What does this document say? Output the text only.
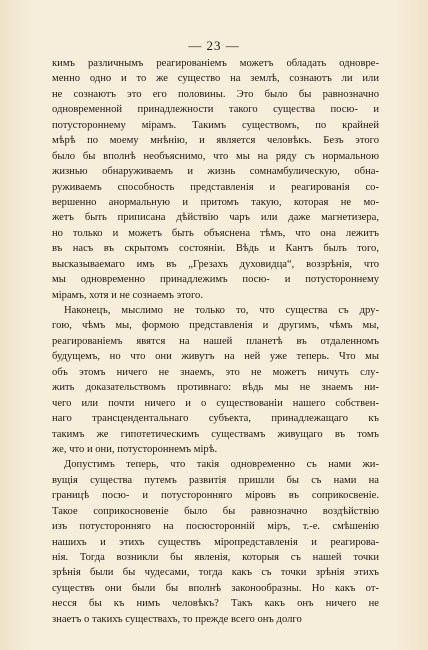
— 23 —
кимъ различнымъ реагированіемъ можетъ обладать одновре-
менно одно и то же существо на землѣ, сознаютъ ли или
не сознаютъ это его половины. Это было бы равнозначно
одновременной принадлежности такого существа посю- и
потустороннему мірамъ. Такимъ существомъ, по крайней
мѣрѣ по моему мнѣнію, и является человѣкъ. Безъ этого
было бы вполнѣ необъяснимо, что мы на ряду съ нормальною
жизнью обнаруживаемъ и жизнь сомнамбулическую, обна-
руживаемъ способность представленія и реагированія со-
вершенно анормальную и притомъ такую, которая не мо-
жетъ быть приписана дѣйствію чаръ или даже магнетизера,
но только и можетъ быть объяснена тѣмъ, что она лежитъ
въ насъ въ скрытомъ состояніи. Вѣдь и Кантъ былъ того,
высказываемаго имъ въ „Грезахъ духовидца“, воззрѣнія, что
мы одновременно принадлежимъ посю- и потустороннему
мірамъ, хотя и не сознаемъ этого.
Наконецъ, мыслимо не только то, что существа съ дру-
гою, чѣмъ мы, формою представленія и другимъ, чѣмъ мы,
реагированіемъ явятся на нашей планетѣ въ отдаленномъ
будущемъ, но что они живутъ на ней уже теперь. Что мы
объ этомъ ничего не знаемъ, это не можетъ ничуть слу-
жить доказательствомъ противнаго: вѣдь мы не знаемъ ни-
чего или почти ничего и о существованіи нашего собствен-
наго трансцендентальнаго субъекта, принадлежащаго къ
такимъ же гипотетическимъ существамъ живущаго въ томъ
же, что и они, потустороннемъ мірѣ.
Допустимъ теперь, что такія одновременно съ нами жи-
вущія существа путемъ развитія пришли бы съ нами на
границѣ посю- и потусторонняго міровъ въ соприкосвеніе.
Такое соприкосновеніе было бы равнозначно воздѣйствію
изъ потусторонняго на посюсторонній міръ, т.-е. смѣшенію
нашихъ и этихъ существъ міропредставленія и реагирова-
нія. Тогда возникли бы явленія, которыя съ нашей точки
зрѣнія были бы чудесами, тогда какъ съ точки зрѣнія этихъ
существъ они были бы вполнѣ законообразны. Но какъ от-
несся бы къ нимъ человѣкъ? Такъ какъ онъ ничего не
знаетъ о такихъ существахъ, то прежде всего онъ долго
